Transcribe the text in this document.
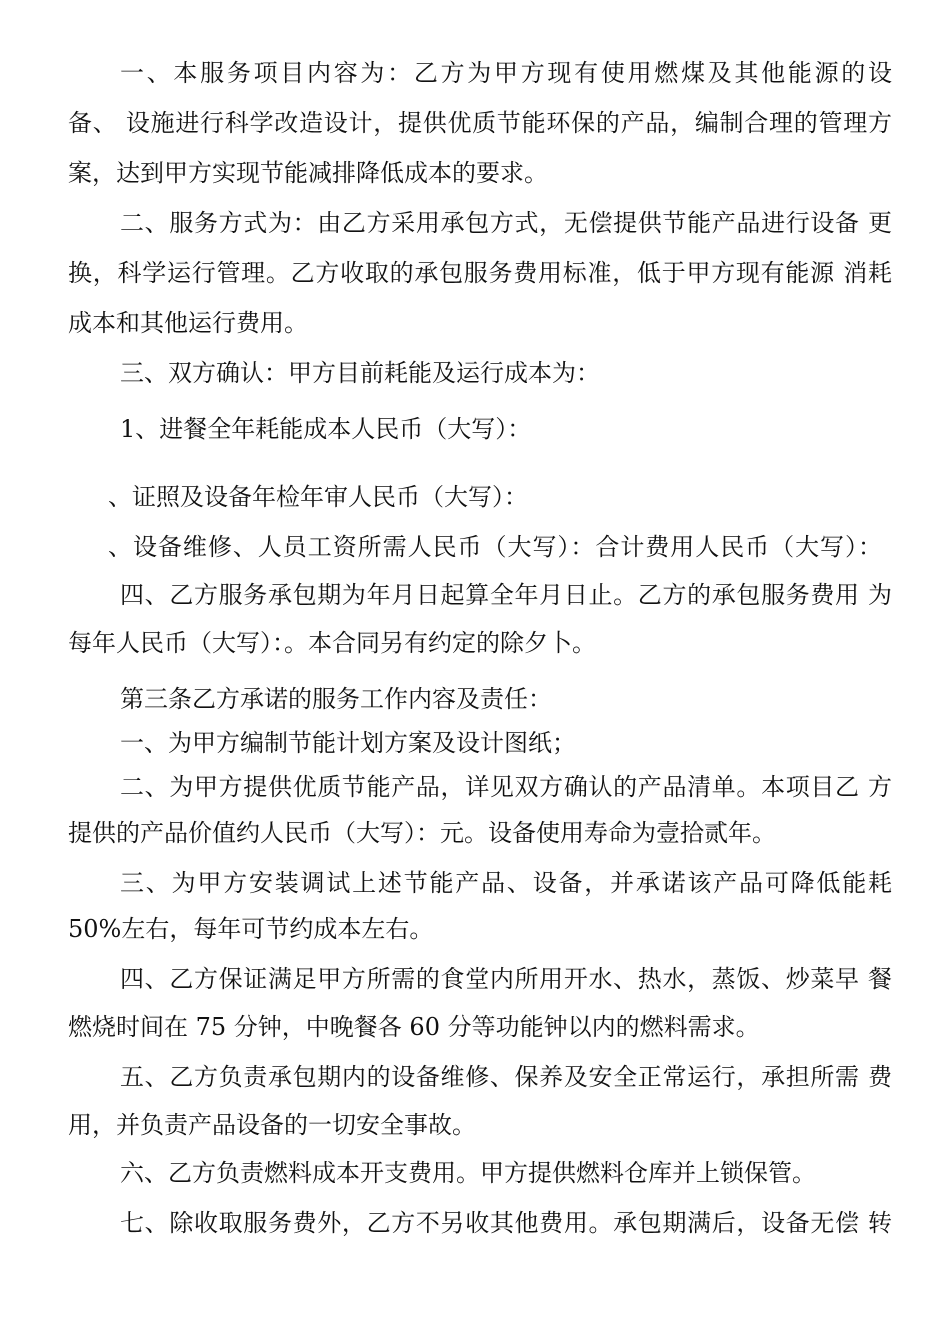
一、本服务项目内容为：乙方为甲方现有使用燃煤及其他能源的设
备、 设施进行科学改造设计，提供优质节能环保的产品，编制合理的管理方
案，达到甲方实现节能减排降低成本的要求。
二、服务方式为：由乙方采用承包方式，无偿提供节能产品进行设备 更
换，科学运行管理。乙方收取的承包服务费用标准，低于甲方现有能源 消耗
成本和其他运行费用。
三、双方确认：甲方目前耗能及运行成本为：
1、进餐全年耗能成本人民币（大写）：
、证照及设备年检年审人民币（大写）：
、设备维修、人员工资所需人民币（大写）：合计费用人民币（大写）：
四、乙方服务承包期为年月日起算全年月日止。乙方的承包服务费用 为
每年人民币（大写）：。本合同另有约定的除夕卜。
第三条乙方承诺的服务工作内容及责任：
一、为甲方编制节能计划方案及设计图纸；
二、为甲方提供优质节能产品，详见双方确认的产品清单。本项目乙 方
提供的产品价值约人民币（大写）：元。设备使用寿命为壹拾贰年。
三、为甲方安装调试上述节能产品、设备，并承诺该产品可降低能耗
50%左右，每年可节约成本左右。
四、乙方保证满足甲方所需的食堂内所用开水、热水，蒸饭、炒菜早 餐
燃烧时间在 75 分钟，中晚餐各 60 分等功能钟以内的燃料需求。
五、乙方负责承包期内的设备维修、保养及安全正常运行，承担所需 费
用，并负责产品设备的一切安全事故。
六、乙方负责燃料成本开支费用。甲方提供燃料仓库并上锁保管。
七、除收取服务费外，乙方不另收其他费用。承包期满后，设备无偿 转
